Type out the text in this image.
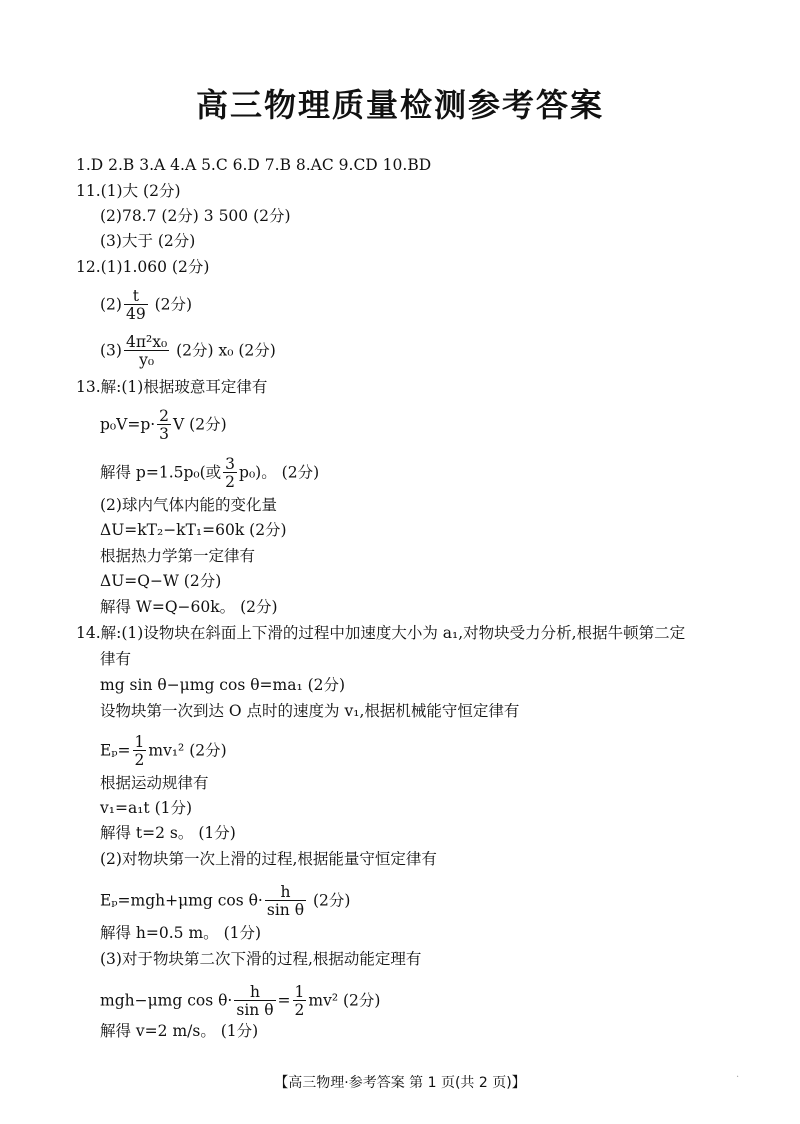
高三物理质量检测参考答案
1.D 2.B 3.A 4.A 5.C 6.D 7.B 8.AC 9.CD 10.BD
11.(1)大 (2分)
(2)78.7 (2分) 3 500 (2分)
(3)大于 (2分)
12.(1)1.060 (2分)
$(2) \frac{t}{49} (2$分)
$(3) \frac{\text{4π²x₀}}{\text{y₀}} (2$分) x₀ (2分)
13.解:(1)根据玻意耳定律有
$p_0V=p\cdot \frac{2}{3}$ V (2分)
解得 p=1.5p₀(或 $\frac{3}{2} p_0$)。 (2分)
(2)球内气体内能的变化量
ΔU=kT₂−kT₁=60k (2分)
根据热力学第一定律有
ΔU=Q−W (2分)
解得 W=Q−60k。 (2分)
14.解:(1)设物块在斜面上下滑的过程中加速度大小为 a₁,对物块受力分析,根据牛顿第二定
律有
mg sin θ−μmg cos θ=ma₁ (2分)
设物块第一次到达 O 点时的速度为 v₁,根据机械能守恒定律有
$E_p= \frac{1}{2} mv_1^2$ (2分)
根据运动规律有
v₁=a₁t (1分)
解得 t=2 s。 (1分)
(2)对物块第一次上滑的过程,根据能量守恒定律有
Eₚ=mgh+μmg $\cos \theta\cdot \frac{h}{\text{sin θ}} (2$分)
解得 h=0.5 m。 (1分)
(3)对于物块第二次下滑的过程,根据动能定理有
mgh−μmg $\cos \theta\cdot \frac{h}{\text{sin θ}} = \frac{1}{2} mv^2$ (2分)
解得 v=2 m/s。 (1分)
【高三物理·参考答案 第 1 页(共 2 页)】	·
